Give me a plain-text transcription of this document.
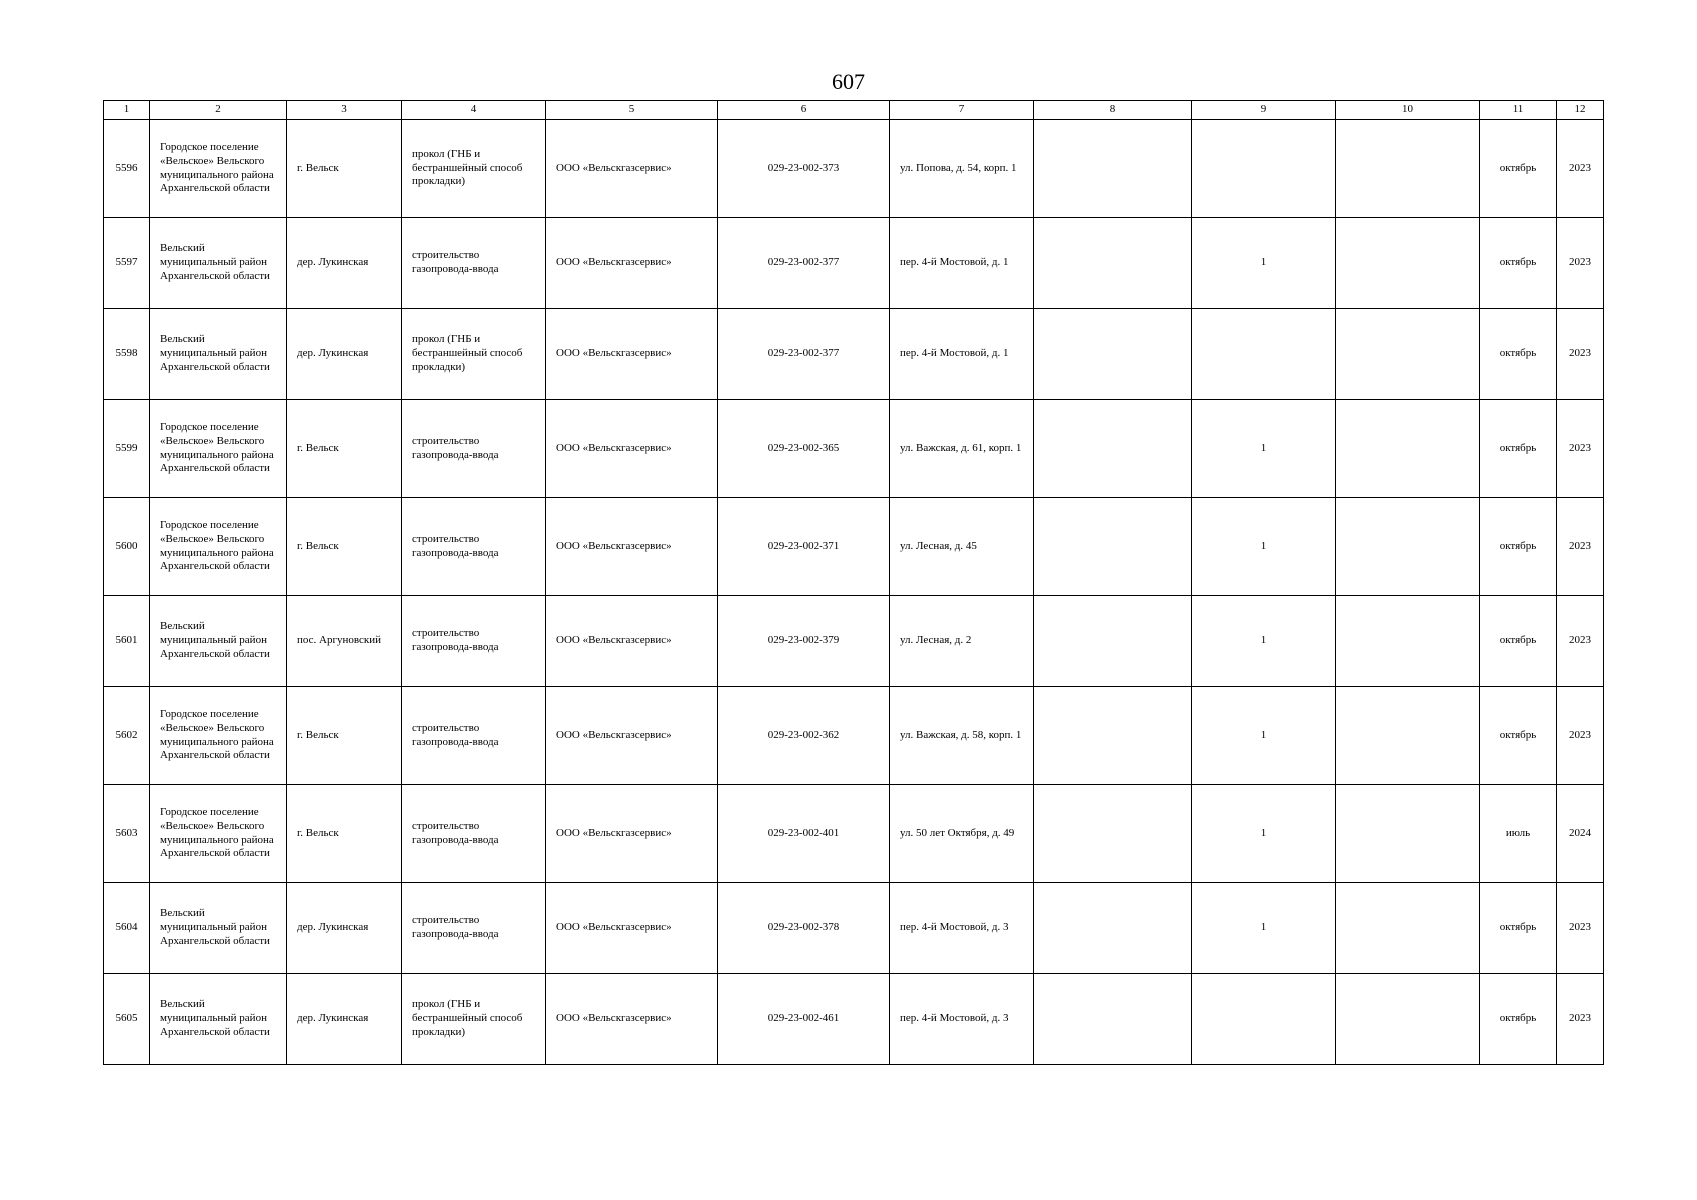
607
1	2	3	4	5	6	7	8	9	10	11	12
5596	Городское поселение «Вельское» Вельского муниципального района Архангельской области	г. Вельск	прокол (ГНБ и бестраншейный способ прокладки)	ООО «Вельскгазсервис»	029-23-002-373	ул. Попова, д. 54, корп. 1				октябрь	2023
5597	Вельский муниципальный район Архангельской области	дер. Лукинская	строительство газопровода-ввода	ООО «Вельскгазсервис»	029-23-002-377	пер. 4-й Мостовой, д. 1		1		октябрь	2023
5598	Вельский муниципальный район Архангельской области	дер. Лукинская	прокол (ГНБ и бестраншейный способ прокладки)	ООО «Вельскгазсервис»	029-23-002-377	пер. 4-й Мостовой, д. 1				октябрь	2023
5599	Городское поселение «Вельское» Вельского муниципального района Архангельской области	г. Вельск	строительство газопровода-ввода	ООО «Вельскгазсервис»	029-23-002-365	ул. Важская, д. 61, корп. 1		1		октябрь	2023
5600	Городское поселение «Вельское» Вельского муниципального района Архангельской области	г. Вельск	строительство газопровода-ввода	ООО «Вельскгазсервис»	029-23-002-371	ул. Лесная, д. 45		1		октябрь	2023
5601	Вельский муниципальный район Архангельской области	пос. Аргуновский	строительство газопровода-ввода	ООО «Вельскгазсервис»	029-23-002-379	ул. Лесная, д. 2		1		октябрь	2023
5602	Городское поселение «Вельское» Вельского муниципального района Архангельской области	г. Вельск	строительство газопровода-ввода	ООО «Вельскгазсервис»	029-23-002-362	ул. Важская, д. 58, корп. 1		1		октябрь	2023
5603	Городское поселение «Вельское» Вельского муниципального района Архангельской области	г. Вельск	строительство газопровода-ввода	ООО «Вельскгазсервис»	029-23-002-401	ул. 50 лет Октября, д. 49		1		июль	2024
5604	Вельский муниципальный район Архангельской области	дер. Лукинская	строительство газопровода-ввода	ООО «Вельскгазсервис»	029-23-002-378	пер. 4-й Мостовой, д. 3		1		октябрь	2023
5605	Вельский муниципальный район Архангельской области	дер. Лукинская	прокол (ГНБ и бестраншейный способ прокладки)	ООО «Вельскгазсервис»	029-23-002-461	пер. 4-й Мостовой, д. 3				октябрь	2023
